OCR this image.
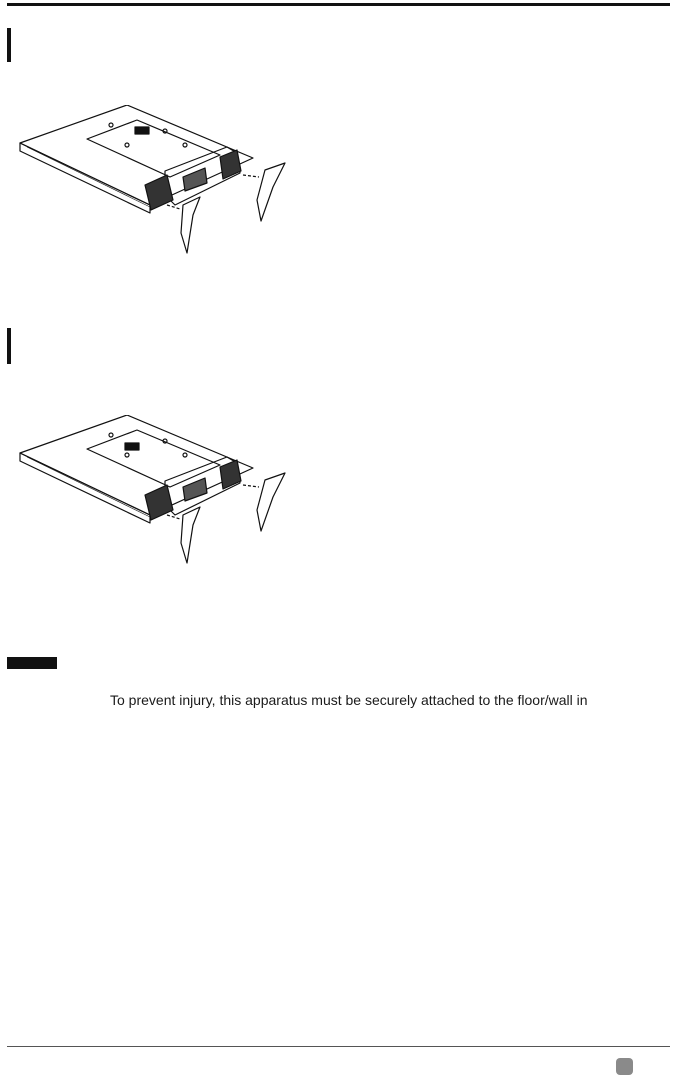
To prevent injury, this apparatus must be securely attached to the floor/wall in
